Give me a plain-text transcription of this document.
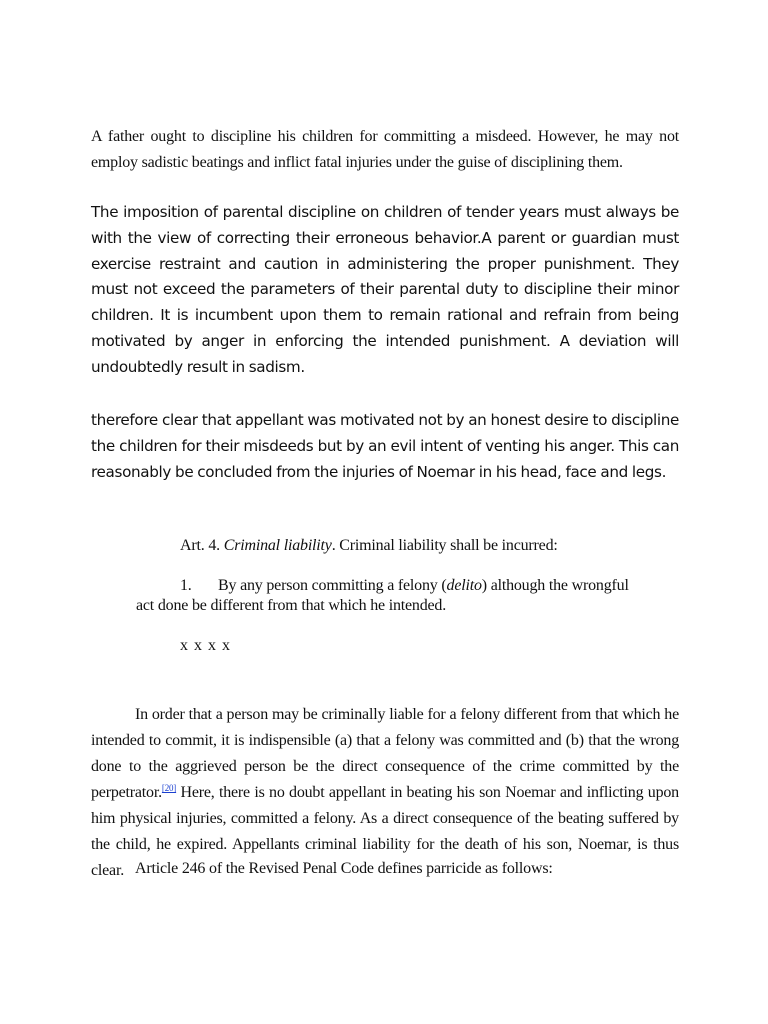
A father ought to discipline his children for committing a misdeed. However, he may not employ sadistic beatings and inflict fatal injuries under the guise of disciplining them.

The imposition of parental discipline on children of tender years must always be with the view of correcting their erroneous behavior.A parent or guardian must exercise restraint and caution in administering the proper punishment. They must not exceed the parameters of their parental duty to discipline their minor children. It is incumbent upon them to remain rational and refrain from being motivated by anger in enforcing the intended punishment. A deviation will undoubtedly result in sadism.

therefore clear that appellant was motivated not by an honest desire to discipline the children for their misdeeds but by an evil intent of venting his anger. This can reasonably be concluded from the injuries of Noemar in his head, face and legs.

Art. 4. Criminal liability. Criminal liability shall be incurred:

1. By any person committing a felony (delito) although the wrongful
act done be different from that which he intended.

x x x x

In order that a person may be criminally liable for a felony different from that which he intended to commit, it is indispensible (a) that a felony was committed and (b) that the wrong done to the aggrieved person be the direct consequence of the crime committed by the perpetrator.[20] Here, there is no doubt appellant in beating his son Noemar and inflicting upon him physical injuries, committed a felony. As a direct consequence of the beating suffered by the child, he expired. Appellants criminal liability for the death of his son, Noemar, is thus clear. Article 246 of the Revised Penal Code defines parricide as follows:
